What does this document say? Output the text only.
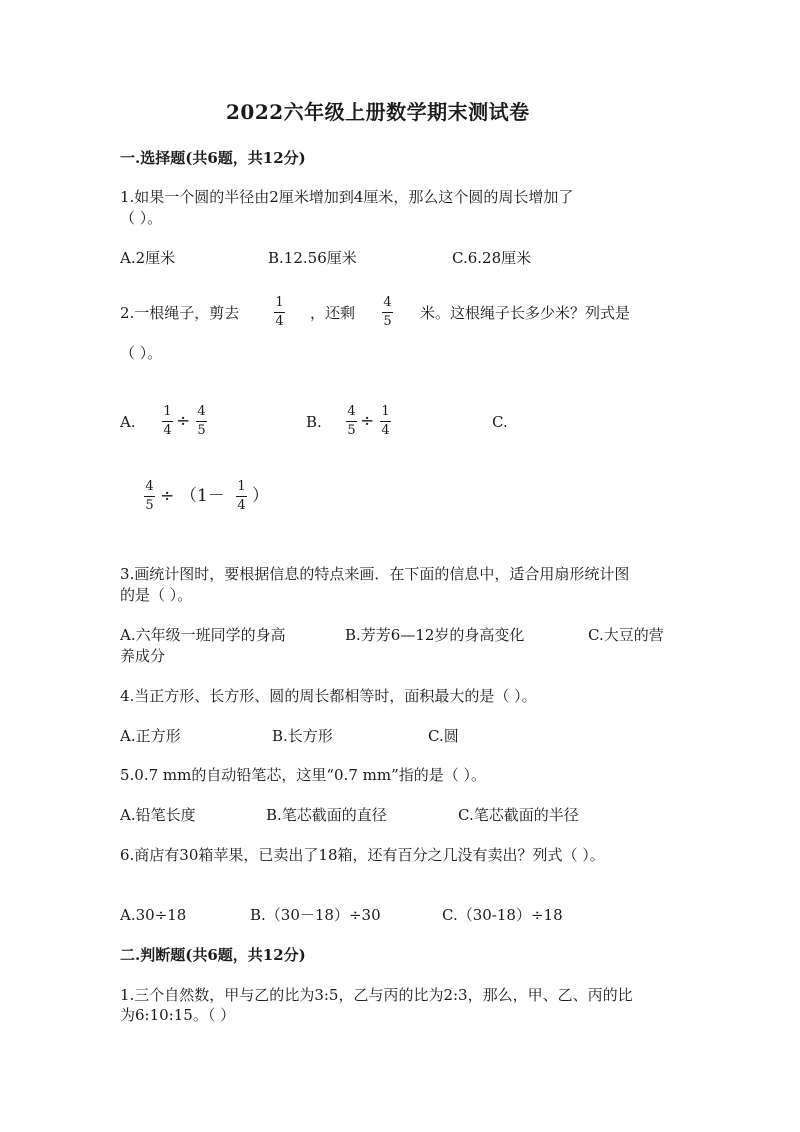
2022六年级上册数学期末测试卷
一.选择题(共6题，共12分)
1.如果一个圆的半径由2厘米增加到4厘米，那么这个圆的周长增加了
（ ）。
A.2厘米	B.12.56厘米	C.6.28厘米
2.一根绳子，剪去
1
4 ，还剩
4
5 米。这根绳子长多少米？列式是
（ ）。
A.
1
4 ÷ 4
5	B.
4
5 ÷ 1
4	C.
4
5 ÷ （1－ 1
4 ）
3.画统计图时，要根据信息的特点来画．在下面的信息中，适合用扇形统计图
的是（ ）。
A.六年级一班同学的身高	B.芳芳6—12岁的身高变化	C.大豆的营
养成分
4.当正方形、长方形、圆的周长都相等时，面积最大的是（ ）。
A.正方形	B.长方形	C.圆
5.0.7 mm的自动铅笔芯，这里“0.7 mm”指的是（ ）。
A.铅笔长度	B.笔芯截面的直径	C.笔芯截面的半径
6.商店有30箱苹果，已卖出了18箱，还有百分之几没有卖出？列式（ ）。
A.30÷18	B.（30－18）÷30	C.（30-18）÷18
二.判断题(共6题，共12分)
1.三个自然数，甲与乙的比为3:5，乙与丙的比为2:3，那么，甲、乙、丙的比
为6:10:15。（ ）
